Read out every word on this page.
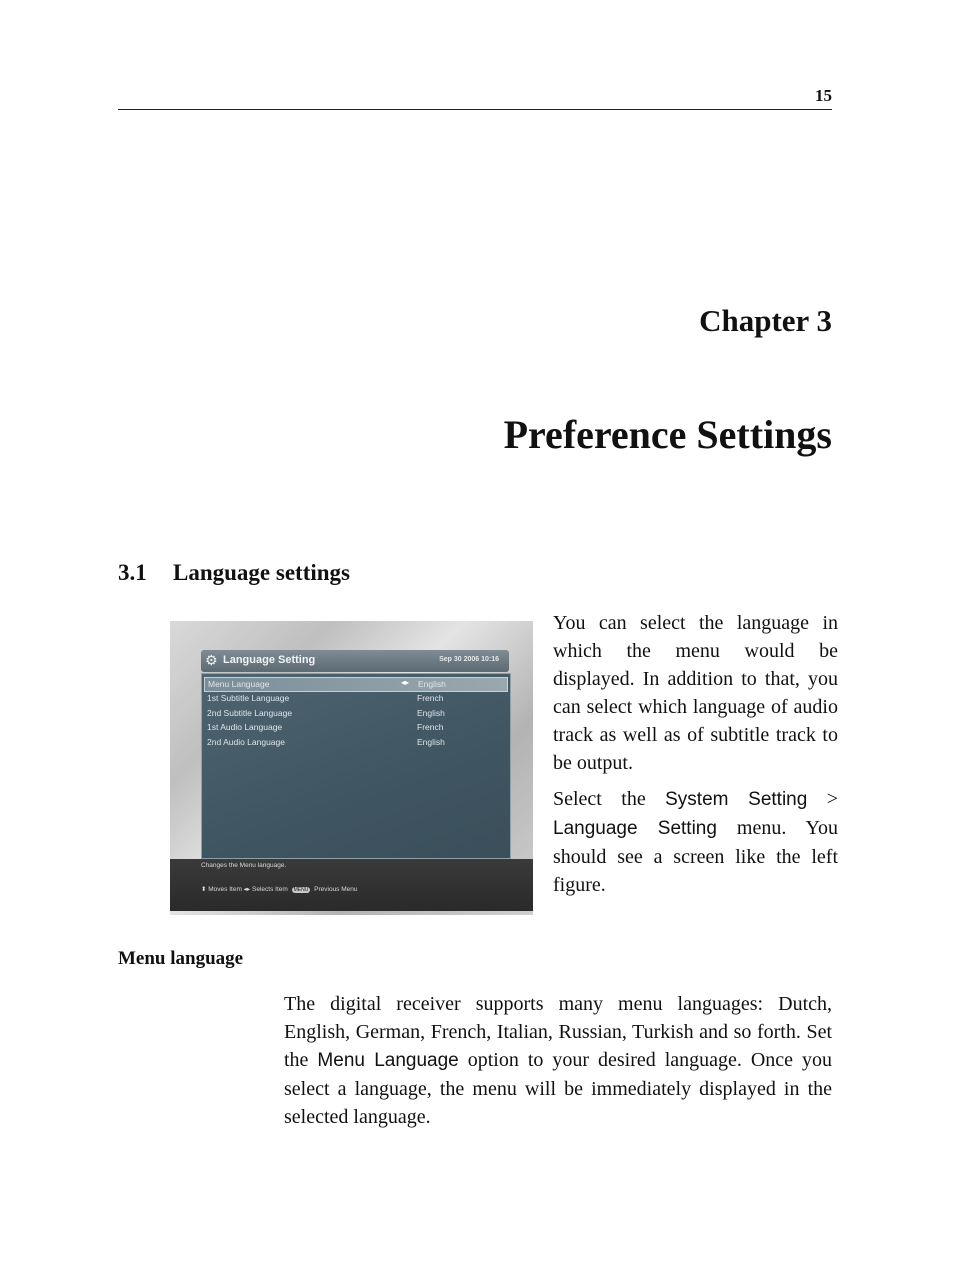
15
Chapter 3
Preference Settings
3.1 Language settings
⚙ Language Setting	Sep 30 2006 10:16
Menu Language	◂▸ English
1st Subtitle Language	French
2nd Subtitle Language	English
1st Audio Language	French
2nd Audio Language	English
Changes the Menu language.
⬍ Moves Item ◂▸ Selects Item MENU Previous Menu

You can select the language in which the menu would be displayed. In addition to that, you can select which language of audio track as well as of subtitle track to be output.

Select the System Setting > Language Setting menu. You should see a screen like the left figure.

Menu language

The digital receiver supports many menu languages: Dutch, English, German, French, Italian, Russian, Turkish and so forth. Set the Menu Language option to your desired language. Once you select a language, the menu will be immediately displayed in the selected language.
